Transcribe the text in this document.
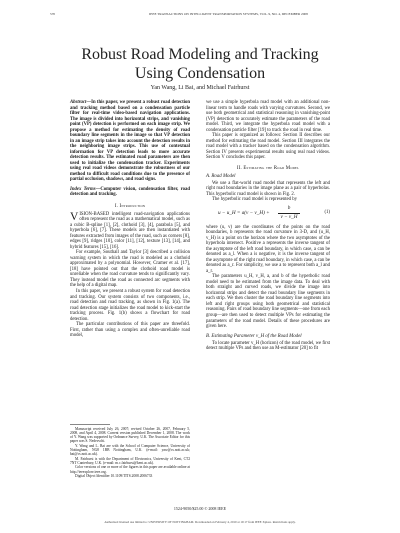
570	IEEE TRANSACTIONS ON INTELLIGENT TRANSPORTATION SYSTEMS, VOL. 9, NO. 4, DECEMBER 2008
Robust Road Modeling and Tracking
Using Condensation
Yan Wang, Li Bai, and Michael Fairhurst

Abstract—In this paper, we present a robust road detection and tracking method based on a condensation particle filter for real-time video-based navigation applications. The image is divided into horizontal strips, and vanishing point (VP) detection is performed on each image strip. We propose a method for estimating the density of road boundary line segments in the image so that VP detection in an image strip takes into account the detection results in the neighboring image strips. This use of contextual information for VP detection leads to more accurate detection results. The estimated road parameters are then used to initialize the condensation tracker. Experiments using real road videos demonstrate the robustness of our method to difficult road conditions due to the presence of partial occlusion, shadows, and road signs.

Index Terms—Computer vision, condensation filter, road detection and tracking.

I. Introduction

VISION-BASED intelligent road-navigation applications often represent the road as a mathematical model, such as a cubic B-spline [1], [2], clothoid [3], [4], parabola [5], and hyperbola [6], [7]. These models are then instantiated with features extracted from images of the road, such as corners [8], edges [9], ridges [10], color [11], [12], texture [13], [14], and hybrid features [15], [16].

For example, Southall and Taylor [3] described a collision warning system in which the road is modeled as a clothoid approximated by a polynomial. However, Cramer et al. [17], [18] have pointed out that the clothoid road model is unreliable when the road curvature tends to significantly vary. They instead model the road as connected arc segments with the help of a digital map.

In this paper, we present a robust system for road detection and tracking. Our system consists of two components, i.e., road detection and road tracking, as shown in Fig. 1(a). The road detection stage initializes the road model to kick-start the tracking process. Fig. 1(b) shows a flowchart for road detection.

The particular contributions of this paper are threefold. First, rather than using a complex and often-unreliable road model,

Manuscript received July 26, 2007; revised October 26, 2007, February 5, 2008, and April 4, 2008. Current version published December 1, 2008. The work of Y. Wang was supported by Ordnance Survey, U.K. The Associate Editor for this paper was S. Nedevschi.

Y. Wang and L. Bai are with the School of Computer Science, University of Nottingham, NG8 1BB Nottingham, U.K. (e-mail: yaw@cs.nott.ac.uk; bai@cs.nott.ac.uk).

M. Fairhurst is with the Department of Electronics, University of Kent, CT2 7NT Canterbury, U.K. (e-mail: m.c.fairhurst@kent.ac.uk).

Color versions of one or more of the figures in this paper are available online at http://ieeexplore.ieee.org.

Digital Object Identifier 10.1109/TITS.2008.2006733

we use a simple hyperbola road model with an additional non-linear term to handle roads with varying curvatures. Second, we use both geometrical and statistical reasoning in vanishing-point (VP) detection to accurately estimate the parameters of the road model. Third, we integrate the hyperbola road model with a condensation particle filter [19] to track the road in real time.

This paper is organized as follows: Section II describes our method for estimating the road model. Section III integrates the road model with a tracker based on the condensation algorithm. Section IV presents experimental results using real road videos. Section V concludes this paper.

II. Estimating the Road Model
A. Road Model

We use a flat-world road model that represents the left and right road boundaries in the image plane as a pair of hyperbolas. This hyperbolic road model is shown in Fig. 2.

The hyperbolic road model is represented by

u − u_H = a(v − v_H) +
b
v − v_H
(1)

where (u, v) are the coordinates of the points on the road boundaries, b represents the road curvature in 3-D, and (u_H, v_H) is a point on the horizon where the two asymptotes of the hyperbola intersect. Positive a represents the inverse tangent of the asymptote of the left road boundary, in which case, a can be denoted as a_l. When a is negative, it is the inverse tangent of the asymptote of the right road boundary, in which case, a can be denoted as a_r. For simplicity, we use a to represent both a_l and a_r.

The parameters u_H, v_H, a, and b of the hyperbolic road model need to be estimated from the image data. To deal with both straight and curved roads, we divide the image into horizontal strips and detect the road boundary line segments in each strip. We then cluster the road boundary line segments into left and right groups using both geometrical and statistical reasoning. Pairs of road boundary line segments—one from each group—are then used to detect multiple VPs for estimating the parameters of the road model. Details of these procedures are given here.

B. Estimating Parameter v_H of the Road Model

To locate parameter v_H (horizon) of the road model, we first detect multiple VPs and then use an M-estimator [20] to fit

1524-9050/$25.00 © 2008 IEEE
Authorized licensed use limited to: UNIVERSITY OF NOTTINGHAM. Downloaded on February 4, 2010 at 10:17 from IEEE Xplore. Restrictions apply.
